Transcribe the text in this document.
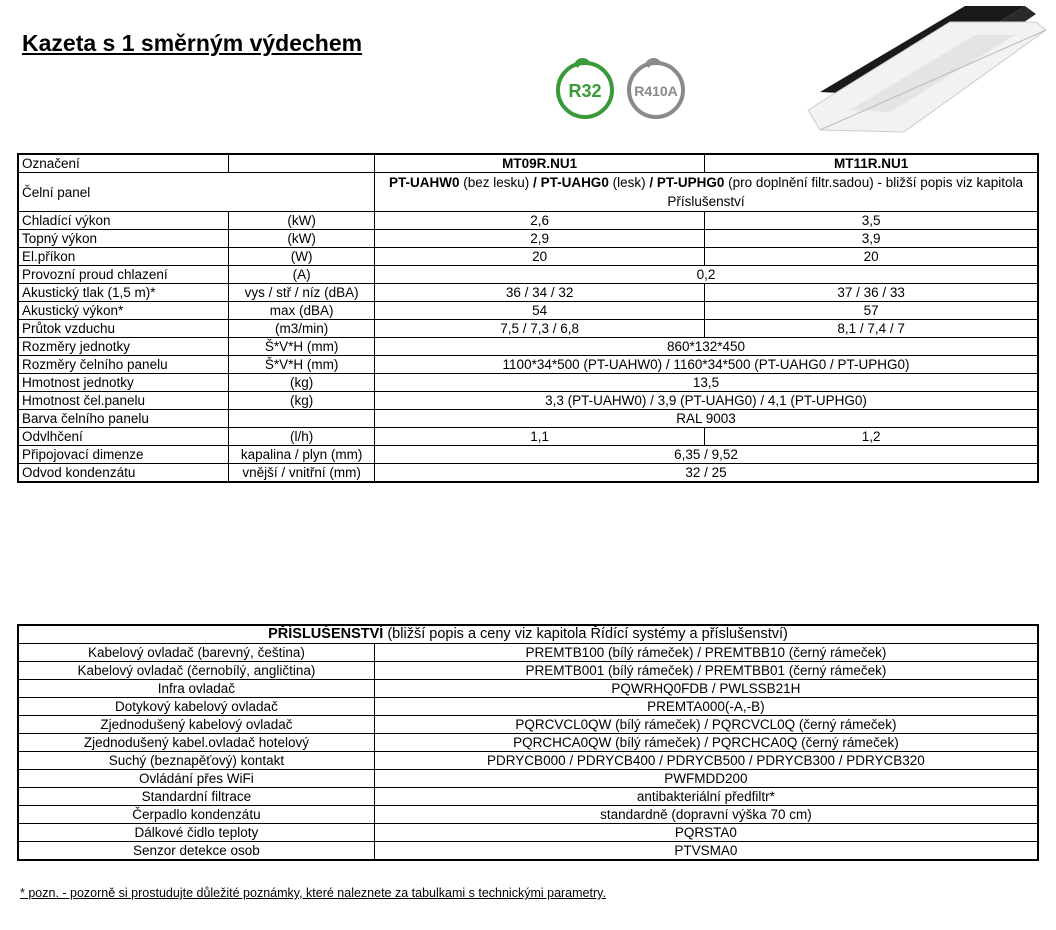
Kazeta s 1 směrným výdechem
R32 R410A
Označení		MT09R.NU1	MT11R.NU1
Čelní panel		PT-UAHW0 (bez lesku) / PT-UAHG0 (lesk) / PT-UPHG0 (pro doplnění filtr.sadou) - bližší popis viz kapitola Příslušenství	
Chladící výkon	(kW)	2,6	3,5
Topný výkon	(kW)	2,9	3,9
El.příkon	(W)	20	20
Provozní proud chlazení	(A)	0,2	
Akustický tlak (1,5 m)*	vys / stř / níz (dBA)	36 / 34 / 32	37 / 36 / 33
Akustický výkon*	max (dBA)	54	57
Průtok vzduchu	(m3/min)	7,5 / 7,3 / 6,8	8,1 / 7,4 / 7
Rozměry jednotky	Š*V*H (mm)	860*132*450	
Rozměry čelního panelu	Š*V*H (mm)	1100*34*500 (PT-UAHW0) / 1160*34*500 (PT-UAHG0 / PT-UPHG0)	
Hmotnost jednotky	(kg)	13,5	
Hmotnost čel.panelu	(kg)	3,3 (PT-UAHW0) / 3,9 (PT-UAHG0) / 4,1 (PT-UPHG0)	
Barva čelního panelu		RAL 9003	
Odvlhčení	(l/h)	1,1	1,2
Připojovací dimenze	kapalina / plyn (mm)	6,35 / 9,52	
Odvod kondenzátu	vnější / vnitřní (mm)	32 / 25	
PŘÍSLUŠENSTVÍ (bližší popis a ceny viz kapitola Řídící systémy a příslušenství)	
Kabelový ovladač (barevný, čeština)	PREMTB100 (bílý rámeček) / PREMTBB10 (černý rámeček)
Kabelový ovladač (černobílý, angličtina)	PREMTB001 (bílý rámeček) / PREMTBB01 (černý rámeček)
Infra ovladač	PQWRHQ0FDB / PWLSSB21H
Dotykový kabelový ovladač	PREMTA000(-A,-B)
Zjednodušený kabelový ovladač	PQRCVCL0QW (bílý rámeček) / PQRCVCL0Q (černý rámeček)
Zjednodušený kabel.ovladač hotelový	PQRCHCA0QW (bílý rámeček) / PQRCHCA0Q (černý rámeček)
Suchý (beznapěťový) kontakt	PDRYCB000 / PDRYCB400 / PDRYCB500 / PDRYCB300 / PDRYCB320
Ovládání přes WiFi	PWFMDD200
Standardní filtrace	antibakteriální předfiltr*
Čerpadlo kondenzátu	standardně (dopravní výška 70 cm)
Dálkové čidlo teploty	PQRSTA0
Senzor detekce osob	PTVSMA0
* pozn. - pozorně si prostudujte důležité poznámky, které naleznete za tabulkami s technickými parametry.
